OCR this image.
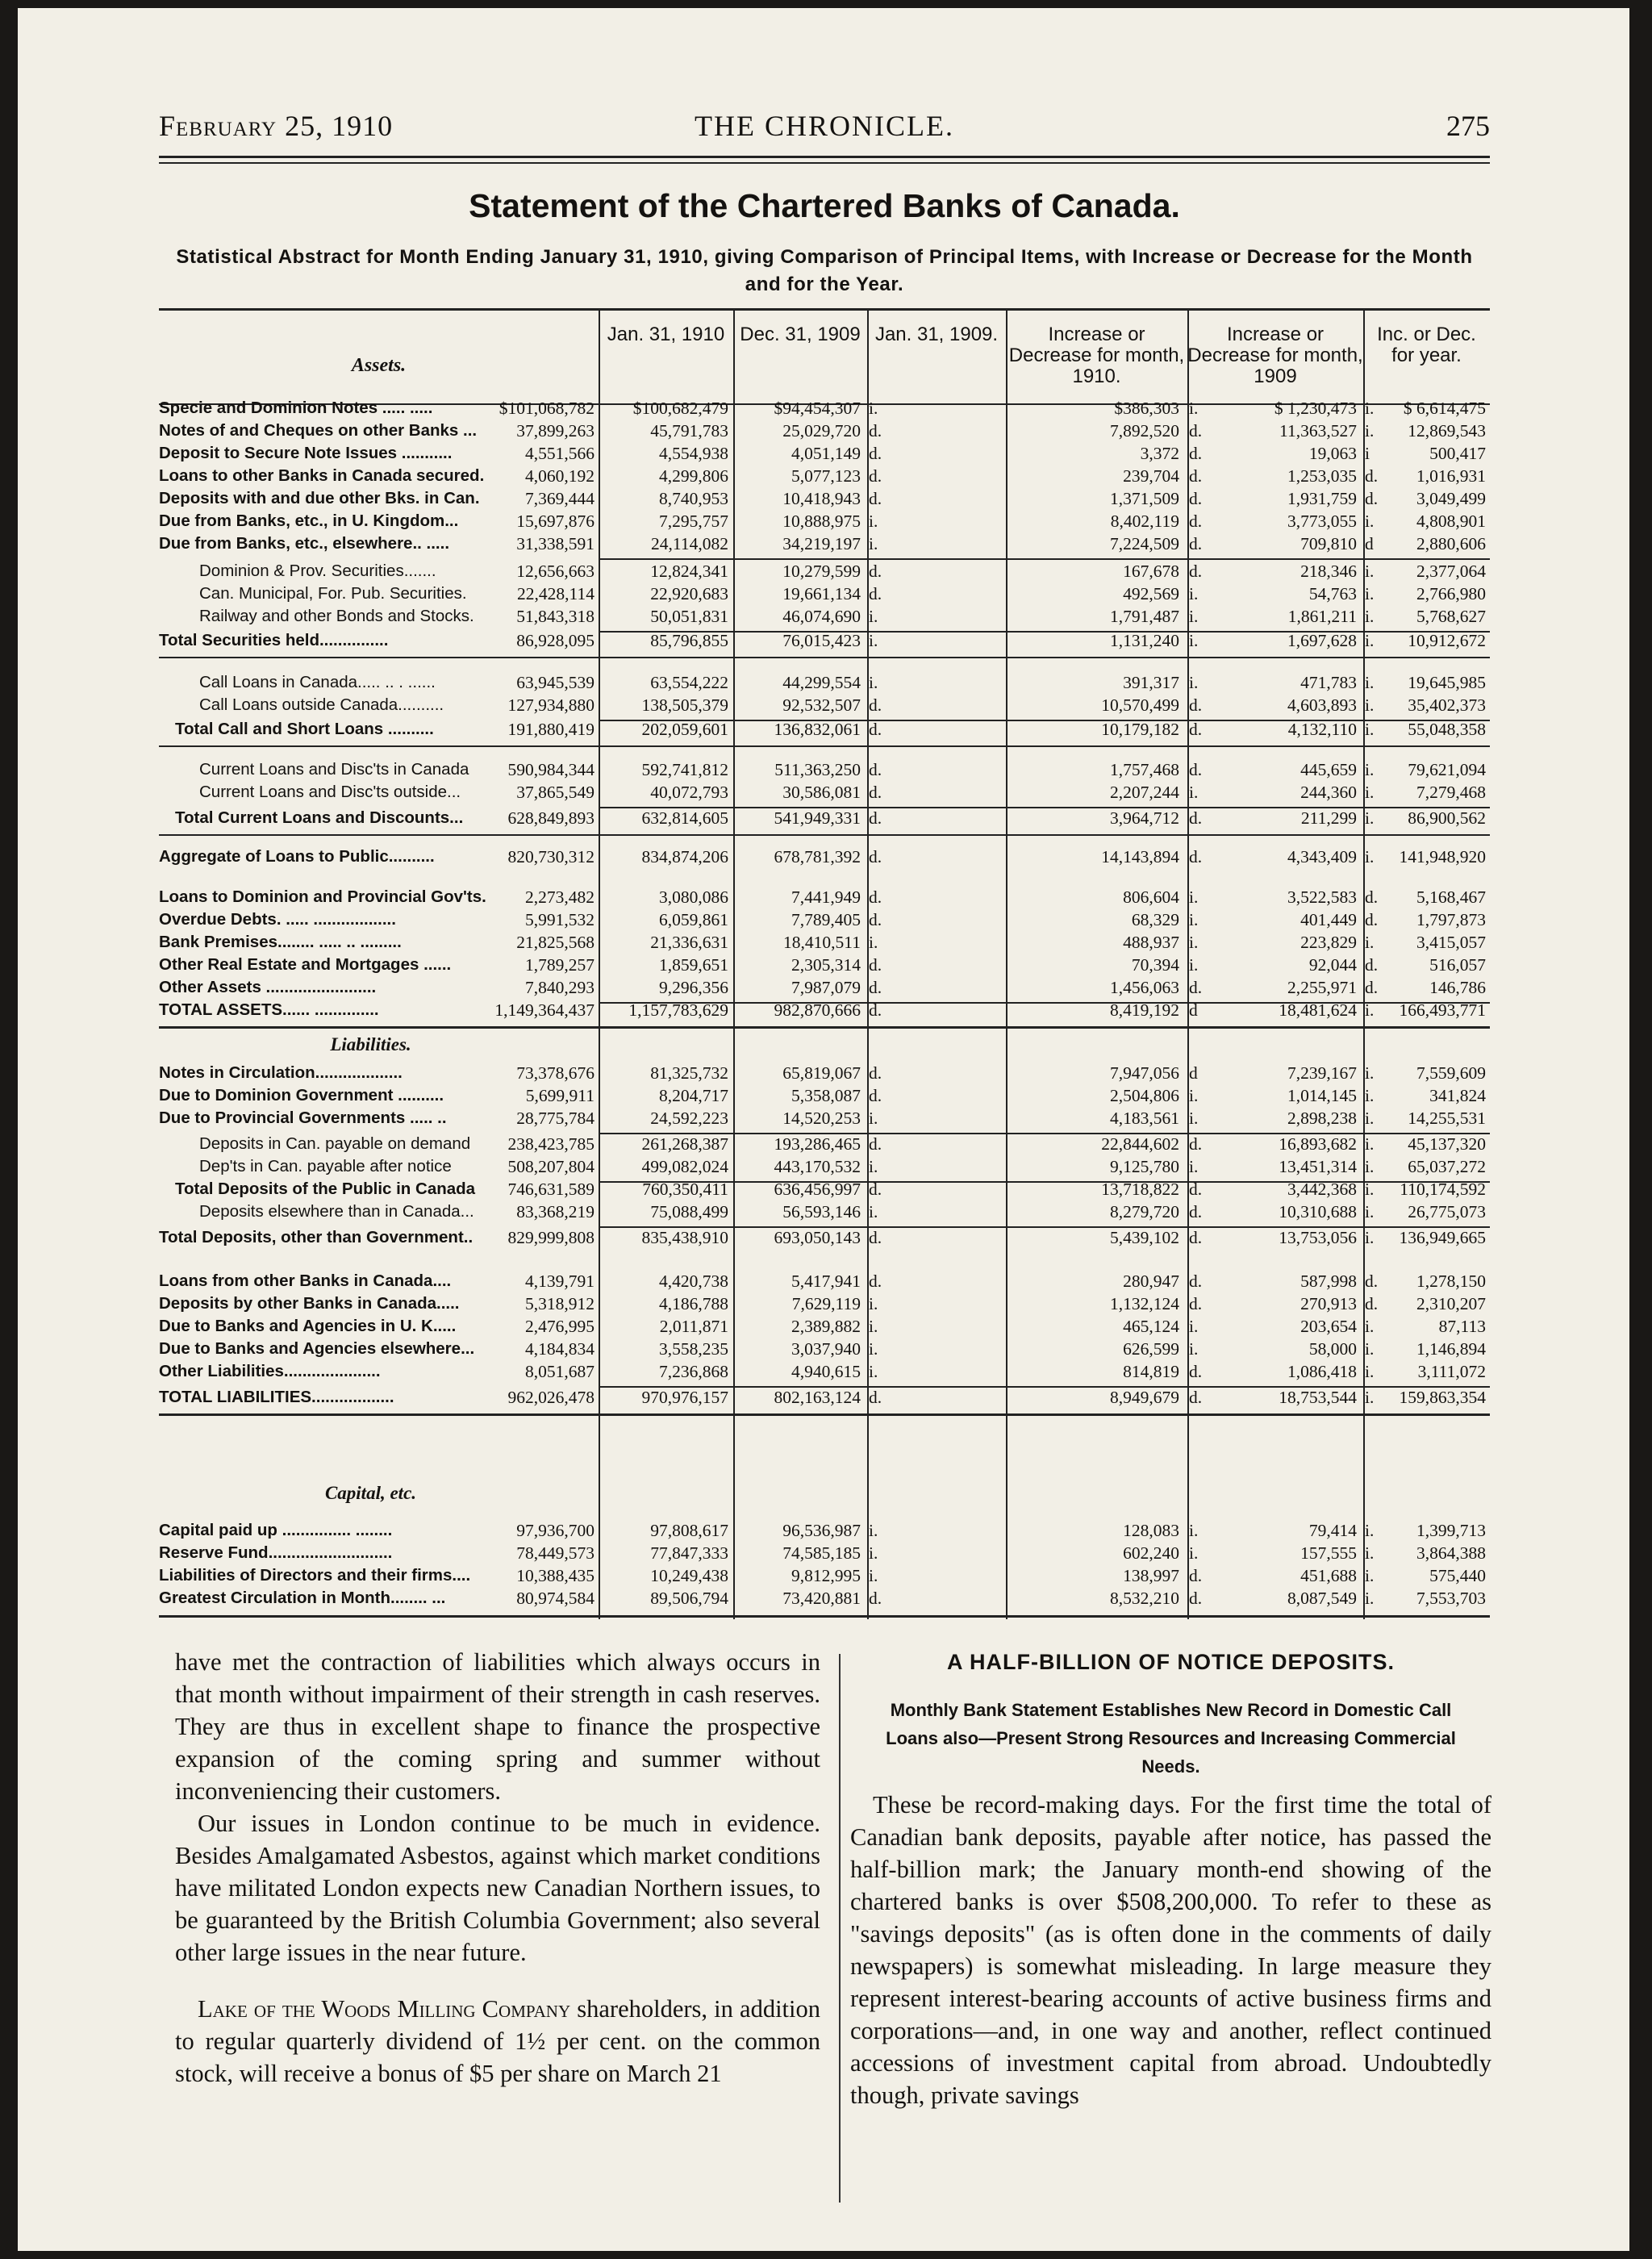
February 25, 1910	THE CHRONICLE.	275
Statement of the Chartered Banks of Canada.
Statistical Abstract for Month Ending January 31, 1910, giving Comparison of Principal Items, with Increase or Decrease for the Month and for the Year.
Assets.
Jan. 31, 1910 Dec. 31, 1909 Jan. 31, 1909.	Increase or Decrease for month, 1910.
Increase or Decrease for month, 1909
Inc. or Dec. for year.
Specie and Dominion Notes ..... .....	$101,068,782 $100,682,479	$94,454,307 i.	$386,303 i.	$ 1,230,473 i. $ 6,614,475
Notes of and Cheques on other Banks ...	37,899,263	45,791,783	25,029,720 d.	7,892,520 d.	11,363,527 i. 12,869,543
Deposit to Secure Note Issues ...........	4,551,566	4,554,938	4,051,149 d.	3,372 d.	19,063 i	500,417
Loans to other Banks in Canada secured.	4,060,192	4,299,806	5,077,123 d.	239,704 d.	1,253,035 d. 1,016,931
Deposits with and due other Bks. in Can.	7,369,444	8,740,953	10,418,943 d.	1,371,509 d.	1,931,759 d. 3,049,499
Due from Banks, etc., in U. Kingdom...	15,697,876	7,295,757	10,888,975 i.	8,402,119 d.	3,773,055 i. 4,808,901
Due from Banks, etc., elsewhere.. .....	31,338,591	24,114,082	34,219,197 i.	7,224,509 d.	709,810 d 2,880,606
Dominion & Prov. Securities.......	12,656,663	12,824,341	10,279,599 d.	167,678 d.	218,346 i. 2,377,064
Can. Municipal, For. Pub. Securities.	22,428,114	22,920,683	19,661,134 d.	492,569 i.	54,763 i. 2,766,980
Railway and other Bonds and Stocks.	51,843,318	50,051,831	46,074,690 i.	1,791,487 i.	1,861,211 i. 5,768,627
Total Securities held...............	86,928,095	85,796,855	76,015,423 i.	1,131,240 i.	1,697,628 i. 10,912,672
Call Loans in Canada..... .. . ......	63,945,539	63,554,222	44,299,554 i.	391,317 i.	471,783 i. 19,645,985
Call Loans outside Canada..........	127,934,880	138,505,379	92,532,507 d.	10,570,499 d.	4,603,893 i. 35,402,373
Total Call and Short Loans ..........	191,880,419	202,059,601	136,832,061 d.	10,179,182 d.	4,132,110 i. 55,048,358
Current Loans and Disc'ts in Canada	590,984,344	592,741,812	511,363,250 d.	1,757,468 d.	445,659 i. 79,621,094
Current Loans and Disc'ts outside...	37,865,549	40,072,793	30,586,081 d.	2,207,244 i.	244,360 i. 7,279,468
Total Current Loans and Discounts...	628,849,893	632,814,605	541,949,331 d.	3,964,712 d.	211,299 i. 86,900,562
Aggregate of Loans to Public..........	820,730,312	834,874,206	678,781,392 d.	14,143,894 d.	4,343,409 i. 141,948,920
Loans to Dominion and Provincial Gov'ts.	2,273,482	3,080,086	7,441,949 d.	806,604 i.	3,522,583 d. 5,168,467
Overdue Debts. ..... ..................	5,991,532	6,059,861	7,789,405 d.	68,329 i.	401,449 d. 1,797,873
Bank Premises........ ..... .. .........	21,825,568	21,336,631	18,410,511 i.	488,937 i.	223,829 i. 3,415,057
Other Real Estate and Mortgages ......	1,789,257	1,859,651	2,305,314 d.	70,394 i.	92,044 d.	516,057
Other Assets ........................	7,840,293	9,296,356	7,987,079 d.	1,456,063 d.	2,255,971 d.	146,786
TOTAL ASSETS...... ..............	1,149,364,437 1,157,783,629	982,870,666 d.	8,419,192 d	18,481,624 i. 166,493,771
Notes in Circulation...................	73,378,676	81,325,732	65,819,067 d.	7,947,056 d	7,239,167 i. 7,559,609
Due to Dominion Government ..........	5,699,911	8,204,717	5,358,087 d.	2,504,806 i.	1,014,145 i.	341,824
Due to Provincial Governments ..... ..	28,775,784	24,592,223	14,520,253 i.	4,183,561 i.	2,898,238 i. 14,255,531
Deposits in Can. payable on demand	238,423,785	261,268,387	193,286,465 d.	22,844,602 d.	16,893,682 i. 45,137,320
Dep'ts in Can. payable after notice	508,207,804	499,082,024	443,170,532 i.	9,125,780 i.	13,451,314 i. 65,037,272
Total Deposits of the Public in Canada	746,631,589	760,350,411	636,456,997 d.	13,718,822 d.	3,442,368 i. 110,174,592
Deposits elsewhere than in Canada...	83,368,219	75,088,499	56,593,146 i.	8,279,720 d.	10,310,688 i. 26,775,073
Total Deposits, other than Government..	829,999,808	835,438,910	693,050,143 d.	5,439,102 d.	13,753,056 i. 136,949,665
Loans from other Banks in Canada....	4,139,791	4,420,738	5,417,941 d.	280,947 d.	587,998 d. 1,278,150
Deposits by other Banks in Canada.....	5,318,912	4,186,788	7,629,119 i.	1,132,124 d.	270,913 d. 2,310,207
Due to Banks and Agencies in U. K.....	2,476,995	2,011,871	2,389,882 i.	465,124 i.	203,654 i.	87,113
Due to Banks and Agencies elsewhere...	4,184,834	3,558,235	3,037,940 i.	626,599 i.	58,000 i. 1,146,894
Other Liabilities.....................	8,051,687	7,236,868	4,940,615 i.	814,819 d.	1,086,418 i.	3,111,072
TOTAL LIABILITIES..................	962,026,478	970,976,157	802,163,124 d.	8,949,679 d.	18,753,544 i. 159,863,354
Capital paid up ............... ........	97,936,700	97,808,617	96,536,987 i.	128,083 i.	79,414 i. 1,399,713
Reserve Fund...........................	78,449,573	77,847,333	74,585,185 i.	602,240 i.	157,555 i. 3,864,388
Liabilities of Directors and their firms....	10,388,435	10,249,438	9,812,995 i.	138,997 d.	451,688 i.	575,440
Greatest Circulation in Month........ ...	80,974,584	89,506,794	73,420,881 d.	8,532,210 d.	8,087,549 i. 7,553,703
Liabilities.
Capital, etc.

have met the contraction of liabilities which always occurs in that month without impairment of their strength in cash reserves. They are thus in excellent shape to finance the prospective expansion of the coming spring and summer without inconveniencing their customers.

Our issues in London continue to be much in evidence. Besides Amalgamated Asbestos, against which market conditions have militated London expects new Canadian Northern issues, to be guaranteed by the British Columbia Government; also several other large issues in the near future.

Lake of the Woods Milling Company shareholders, in addition to regular quarterly dividend of 1½ per cent. on the common stock, will receive a bonus of $5 per share on March 21

A HALF-BILLION OF NOTICE DEPOSITS.
Monthly Bank Statement Establishes New Record in Domestic Call Loans also—Present Strong Resources and Increasing Commercial Needs.

These be record-making days. For the first time the total of Canadian bank deposits, payable after notice, has passed the half-billion mark; the January month-end showing of the chartered banks is over $508,200,000. To refer to these as "savings deposits" (as is often done in the comments of daily newspapers) is somewhat misleading. In large measure they represent interest-bearing accounts of active business firms and corporations—and, in one way and another, reflect continued accessions of investment capital from abroad. Undoubtedly though, private savings
